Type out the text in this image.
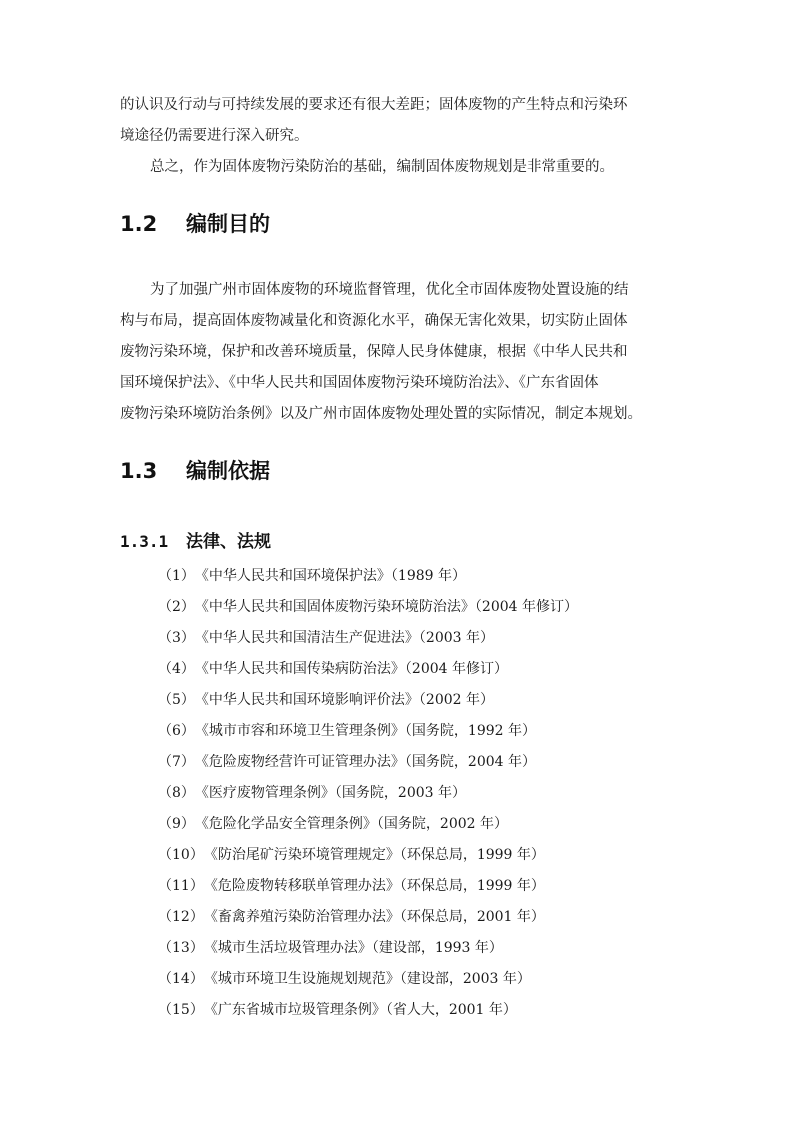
的认识及行动与可持续发展的要求还有很大差距；固体废物的产生特点和污染环
境途径仍需要进行深入研究。
总之，作为固体废物污染防治的基础，编制固体废物规划是非常重要的。
1.2 编制目的
为了加强广州市固体废物的环境监督管理，优化全市固体废物处置设施的结
构与布局，提高固体废物减量化和资源化水平，确保无害化效果，切实防止固体
废物污染环境，保护和改善环境质量，保障人民身体健康，根据《中华人民共和
国环境保护法》、《中华人民共和国固体废物污染环境防治法》、《广东省固体
废物污染环境防治条例》以及广州市固体废物处理处置的实际情况，制定本规划。
1.3 编制依据
1.3.1 法律、法规
（1）《中华人民共和国环境保护法》（1989 年）
（2）《中华人民共和国固体废物污染环境防治法》（2004 年修订）
（3）《中华人民共和国清洁生产促进法》（2003 年）
（4）《中华人民共和国传染病防治法》（2004 年修订）
（5）《中华人民共和国环境影响评价法》（2002 年）
（6）《城市市容和环境卫生管理条例》（国务院，1992 年）
（7）《危险废物经营许可证管理办法》（国务院，2004 年）
（8）《医疗废物管理条例》（国务院，2003 年）
（9）《危险化学品安全管理条例》（国务院，2002 年）
（10）《防治尾矿污染环境管理规定》（环保总局，1999 年）
（11）《危险废物转移联单管理办法》（环保总局，1999 年）
（12）《畜禽养殖污染防治管理办法》（环保总局，2001 年）
（13）《城市生活垃圾管理办法》（建设部，1993 年）
（14）《城市环境卫生设施规划规范》（建设部，2003 年）
（15）《广东省城市垃圾管理条例》（省人大，2001 年）
